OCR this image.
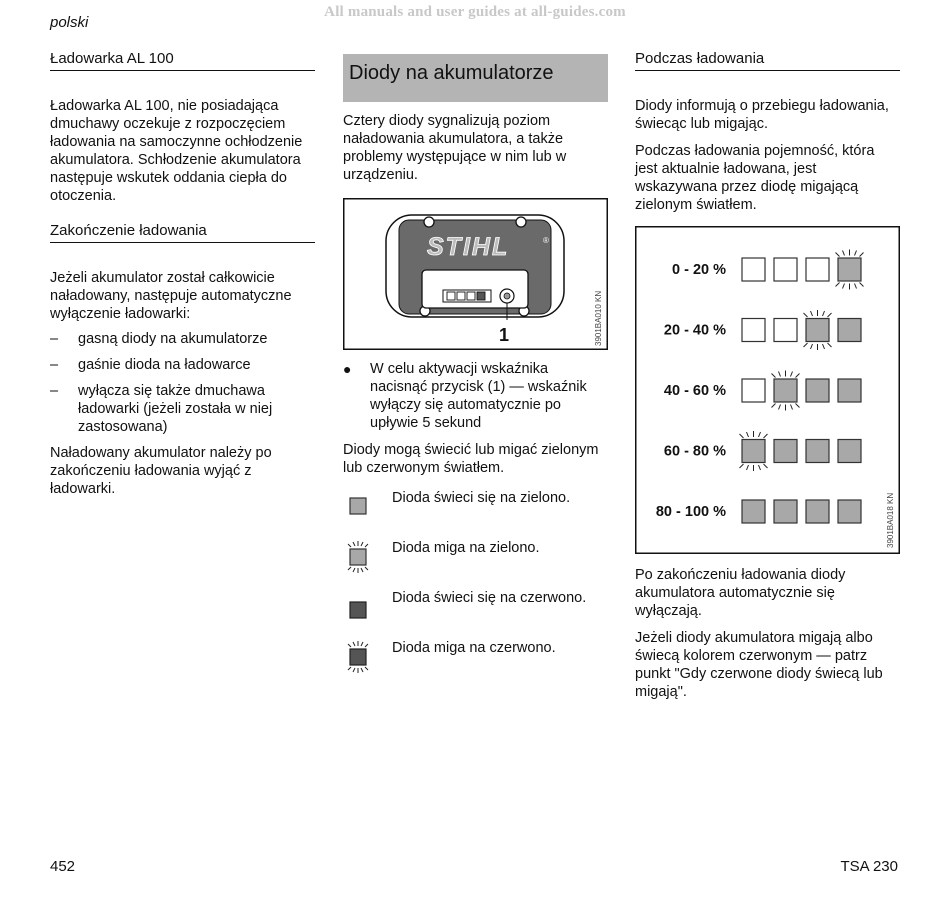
All manuals and user guides at all-guides.com
polski
Ładowarka AL 100

Ładowarka AL 100, nie posiadająca dmuchawy oczekuje z rozpoczęciem ładowania na samoczynne ochłodzenie akumulatora. Schłodzenie akumulatora następuje wskutek oddania ciepła do otoczenia.

Zakończenie ładowania

Jeżeli akumulator został całkowicie naładowany, następuje automatyczne wyłączenie ładowarki:

–	gasną diody na akumulatorze
–	gaśnie dioda na ładowarce
–	wyłącza się także dmuchawa ładowarki (jeżeli została w niej zastosowana)

Naładowany akumulator należy po zakończeniu ładowania wyjąć z ładowarki.

Diody na akumulatorze

Cztery diody sygnalizują poziom naładowania akumulatora, a także problemy występujące w nim lub w urządzeniu.

STIHL	®
1	3901BA010 KN
●	W celu aktywacji wskaźnika nacisnąć przycisk (1) — wskaźnik wyłączy się automatycznie po upływie 5 sekund

Diody mogą świecić lub migać zielonym lub czerwonym światłem.

Dioda świeci się na zielono.
Dioda miga na zielono.
Dioda świeci się na czerwono.
Dioda miga na czerwono.
Podczas ładowania

Diody informują o przebiegu ładowania, świecąc lub migając.

Podczas ładowania pojemność, która jest aktualnie ładowana, jest wskazywana przez diodę migającą zielonym światłem.

0 - 20 %
20 - 40 %
40 - 60 %
60 - 80 %
80 - 100 %	3901BA018 KN

Po zakończeniu ładowania diody akumulatora automatycznie się wyłączają.

Jeżeli diody akumulatora migają albo świecą kolorem czerwonym — patrz punkt "Gdy czerwone diody świecą lub migają".

452	TSA 230
